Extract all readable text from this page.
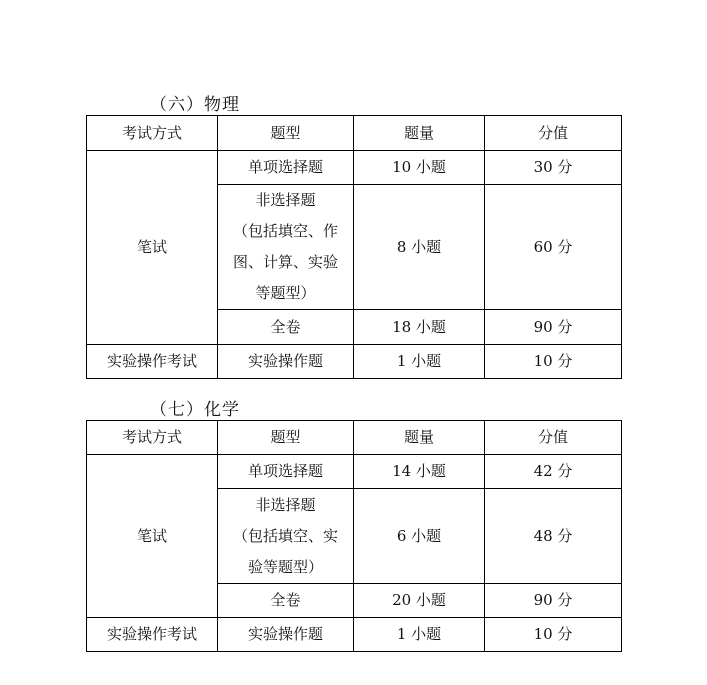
（六）物理
考试方式	题型	题量	分值
笔试	单项选择题	10 小题	30 分

	非选择题
（包括填空、作
图、计算、实验
等题型）	8 小题	60 分
	全卷	18 小题	90 分
实验操作考试	实验操作题	1 小题	10 分
（七）化学
考试方式	题型	题量	分值
笔试	单项选择题	14 小题	42 分

	非选择题
（包括填空、实
验等题型）	6 小题	48 分
	全卷	20 小题	90 分
实验操作考试	实验操作题	1 小题	10 分
